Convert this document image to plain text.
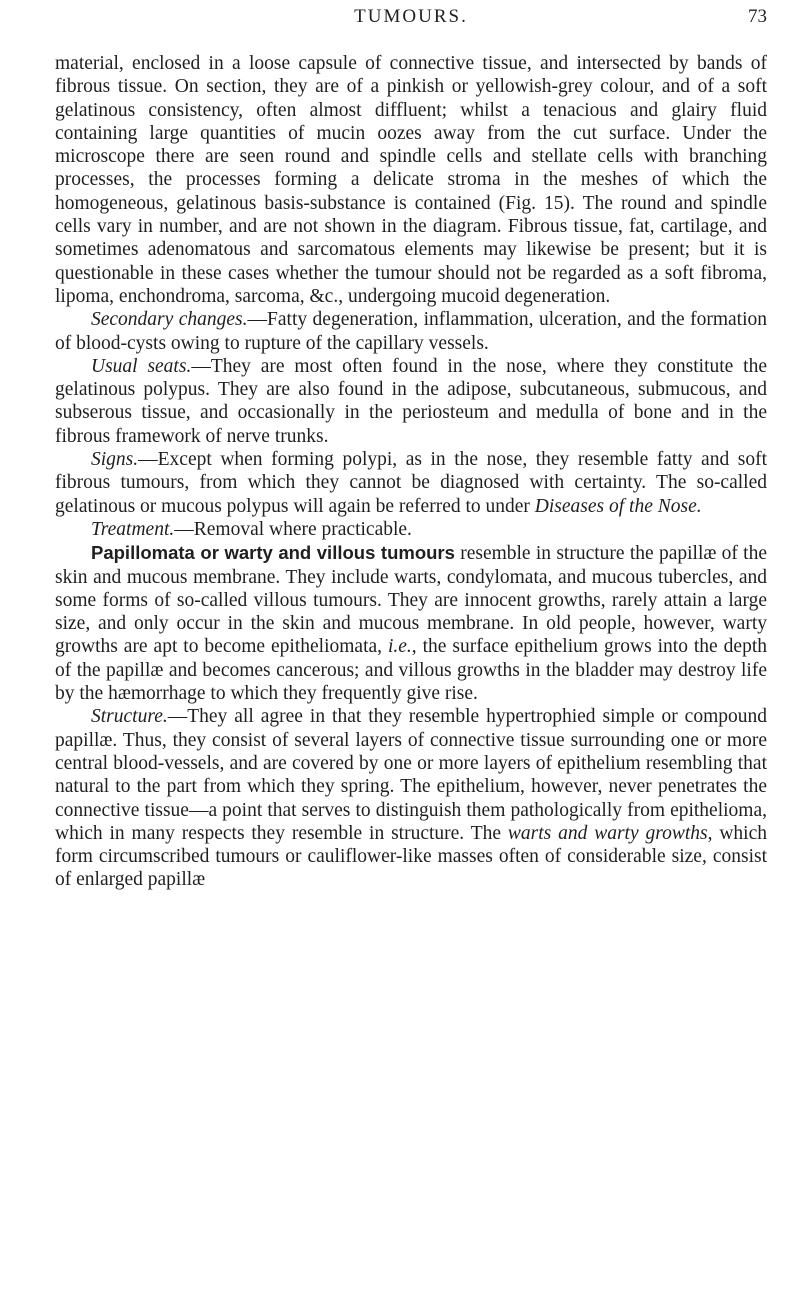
TUMOURS.	73

material, enclosed in a loose capsule of connective tissue, and intersected by bands of fibrous tissue. On section, they are of a pinkish or yellowish-grey colour, and of a soft gelatinous consistency, often almost diffluent; whilst a tenacious and glairy fluid containing large quantities of mucin oozes away from the cut surface. Under the microscope there are seen round and spindle cells and stellate cells with branching processes, the processes forming a delicate stroma in the meshes of which the homogeneous, gelatinous basis-substance is contained (Fig. 15). The round and spindle cells vary in number, and are not shown in the diagram. Fibrous tissue, fat, cartilage, and sometimes adenomatous and sarcomatous elements may likewise be present; but it is questionable in these cases whether the tumour should not be regarded as a soft fibroma, lipoma, enchondroma, sarcoma, &c., undergoing mucoid degeneration.

Secondary changes.—Fatty degeneration, inflammation, ulceration, and the formation of blood-cysts owing to rupture of the capillary vessels.

Usual seats.—They are most often found in the nose, where they constitute the gelatinous polypus. They are also found in the adipose, subcutaneous, submucous, and subserous tissue, and occasionally in the periosteum and medulla of bone and in the fibrous framework of nerve trunks.

Signs.—Except when forming polypi, as in the nose, they resemble fatty and soft fibrous tumours, from which they cannot be diagnosed with certainty. The so-called gelatinous or mucous polypus will again be referred to under Diseases of the Nose.

Treatment.—Removal where practicable.

Papillomata or warty and villous tumours resemble in structure the papillæ of the skin and mucous membrane. They include warts, condylomata, and mucous tubercles, and some forms of so-called villous tumours. They are innocent growths, rarely attain a large size, and only occur in the skin and mucous membrane. In old people, however, warty growths are apt to become epitheliomata, i.e., the surface epithelium grows into the depth of the papillæ and becomes cancerous; and villous growths in the bladder may destroy life by the hæmorrhage to which they frequently give rise.

Structure.—They all agree in that they resemble hypertrophied simple or compound papillæ. Thus, they consist of several layers of connective tissue surrounding one or more central blood-vessels, and are covered by one or more layers of epithelium resembling that natural to the part from which they spring. The epithelium, however, never penetrates the connective tissue—a point that serves to distinguish them pathologically from epithelioma, which in many respects they resemble in structure. The warts and warty growths, which form circumscribed tumours or cauliflower-like masses often of considerable size, consist of enlarged papillæ
